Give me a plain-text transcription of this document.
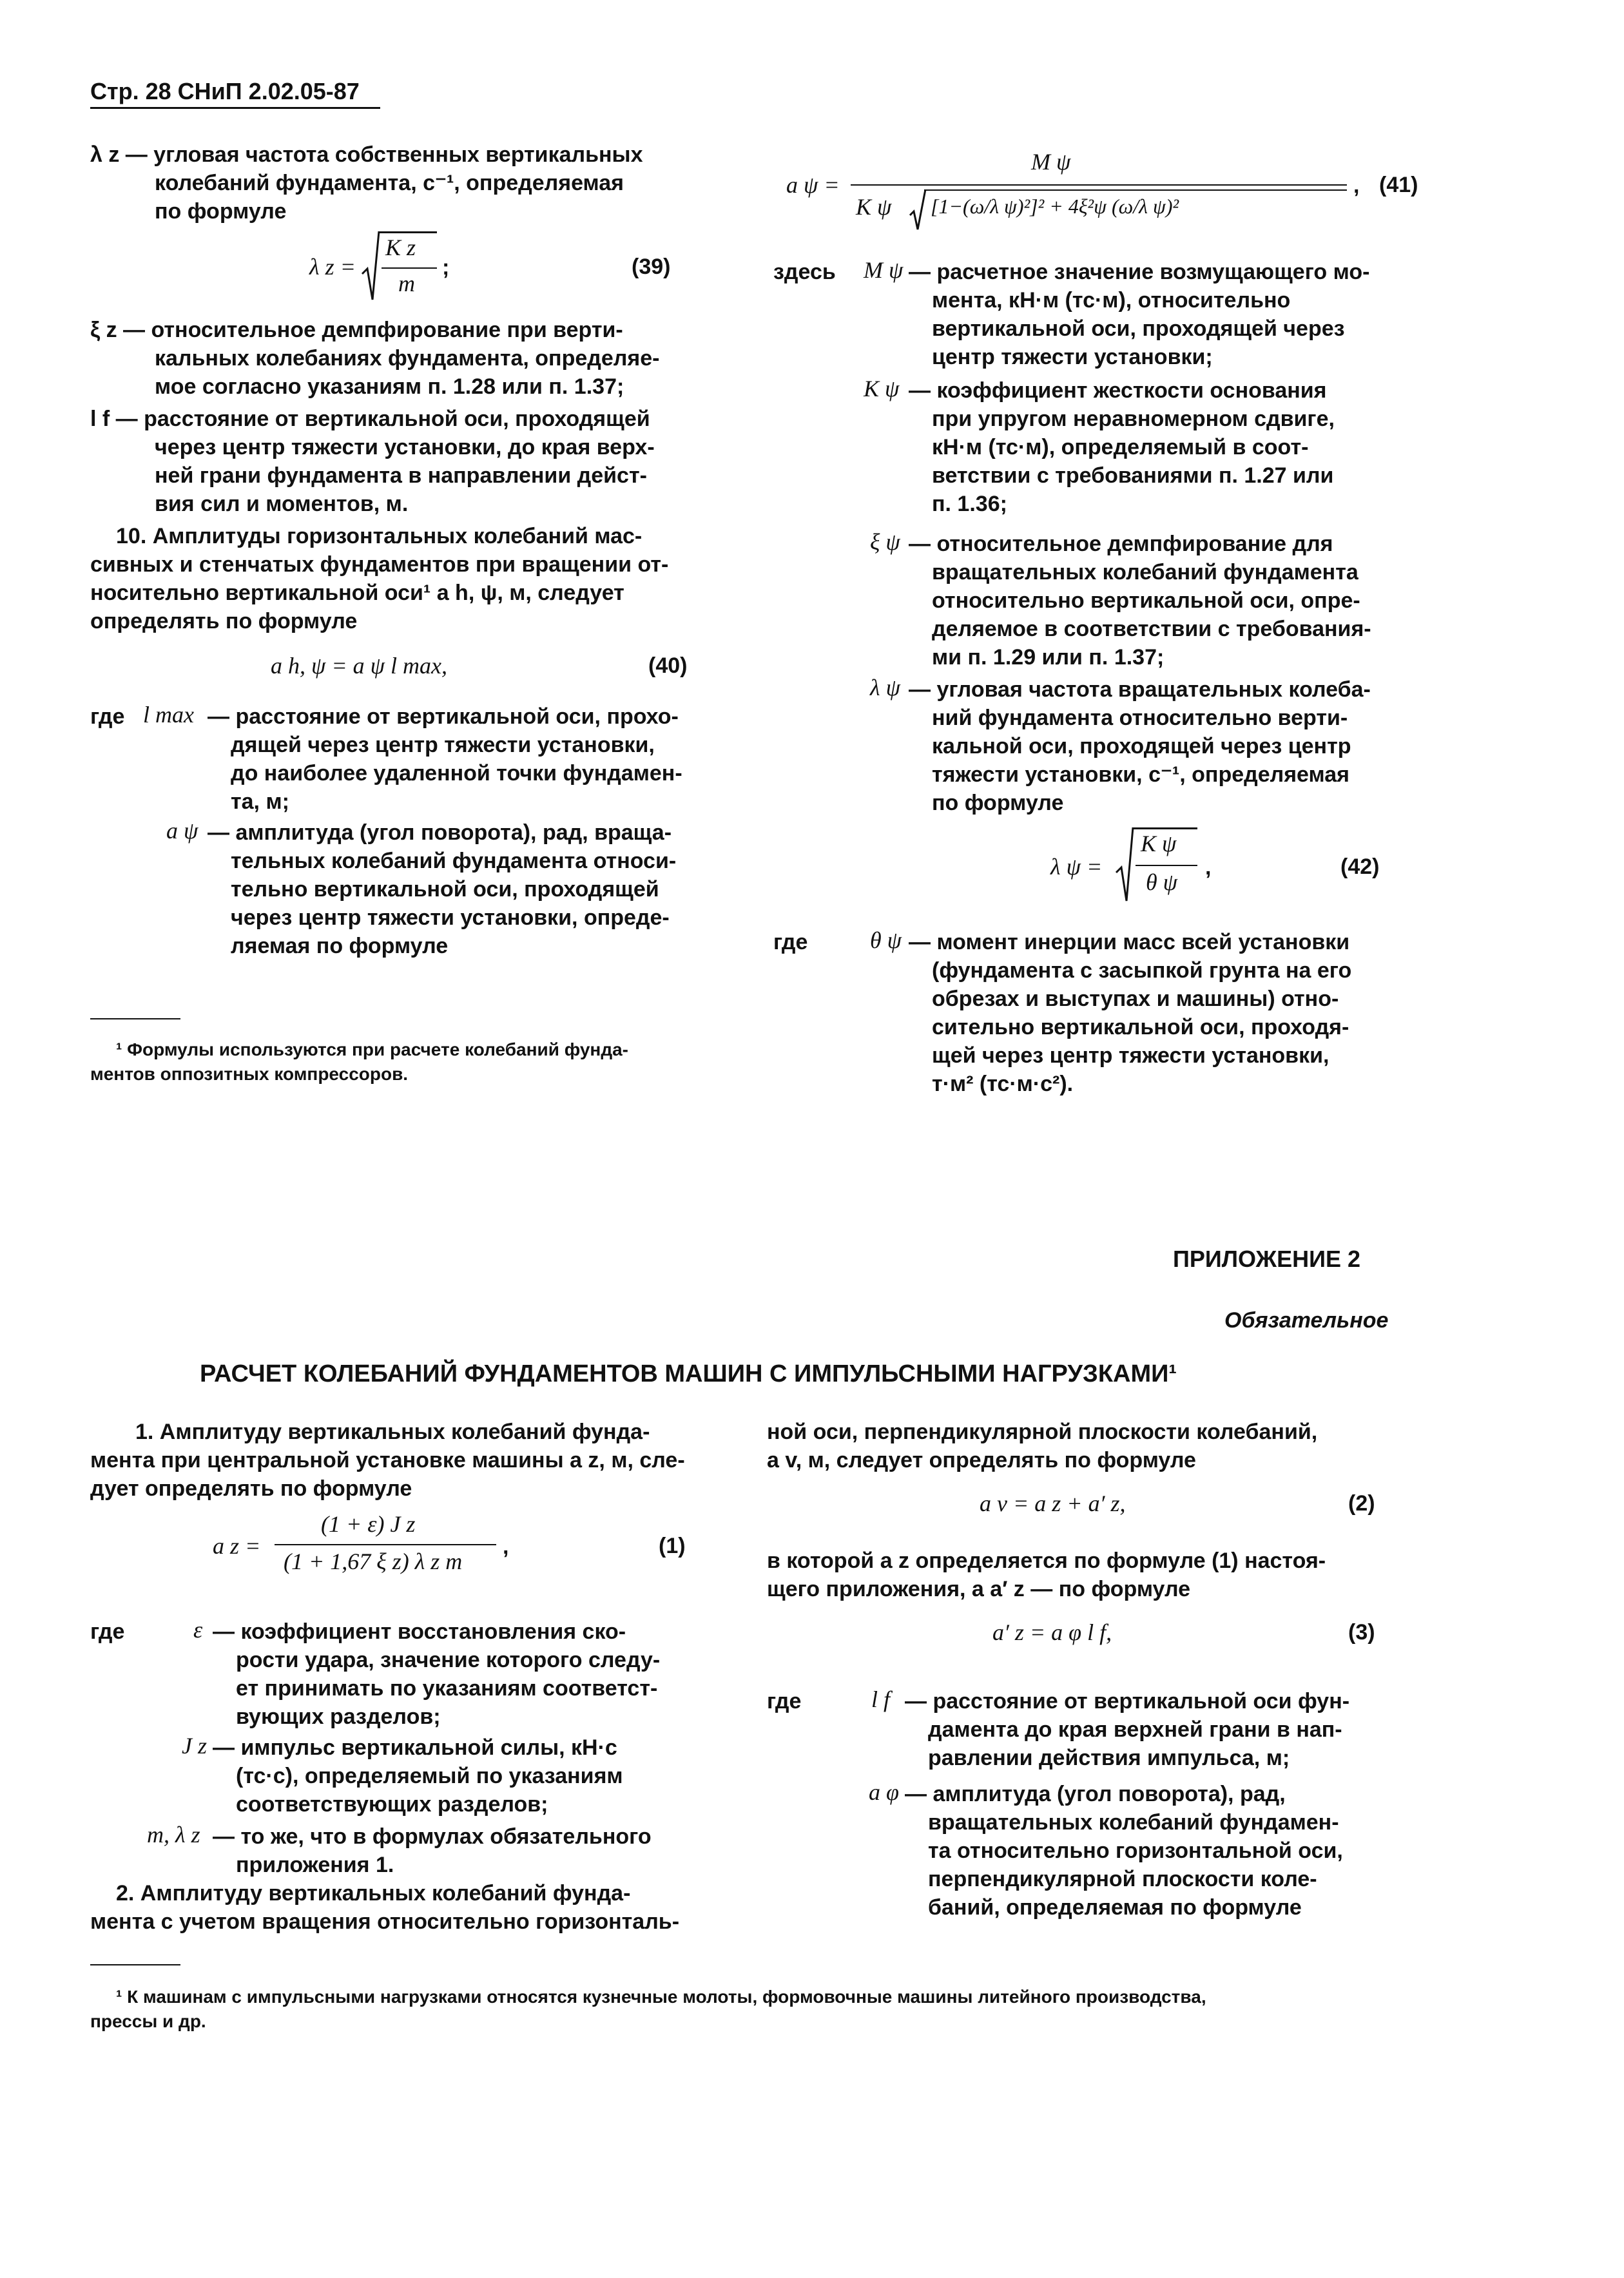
Стр. 28 СНиП 2.02.05-87
λ z — угловая частота собственных вертикальных
колебаний фундамента, с⁻¹, определяемая
по формуле
λ z =
K z
m
;	(39)
ξ z — относительное демпфирование при верти-
кальных колебаниях фундамента, определяе-
мое согласно указаниям п. 1.28 или п. 1.37;
l f — расстояние от вертикальной оси, проходящей
через центр тяжести установки, до края верх-
ней грани фундамента в направлении дейст-
вия сил и моментов, м.
10. Амплитуды горизонтальных колебаний мас-
сивных и стенчатых фундаментов при вращении от-
носительно вертикальной оси¹ a h, ψ, м, следует
определять по формуле
a h, ψ = a ψ l max,	(40)
где l max — расстояние от вертикальной оси, прохо-
дящей через центр тяжести установки,
до наиболее удаленной точки фундамен-
та, м;
a ψ — амплитуда (угол поворота), рад, враща-
тельных колебаний фундамента относи-
тельно вертикальной оси, проходящей
через центр тяжести установки, опреде-
ляемая по формуле
¹ Формулы используются при расчете колебаний фунда-
ментов оппозитных компрессоров.
a ψ =
M ψ
K ψ [1−(ω/λ ψ)²]² + 4ξ²ψ (ω/λ ψ)²
, (41)
здесь M ψ — расчетное значение возмущающего мо-
мента, кН·м (тс·м), относительно
вертикальной оси, проходящей через
центр тяжести установки;
K ψ — коэффициент жесткости основания
при упругом неравномерном сдвиге,
кН·м (тс·м), определяемый в соот-
ветствии с требованиями п. 1.27 или
п. 1.36;
ξ ψ — относительное демпфирование для
вращательных колебаний фундамента
относительно вертикальной оси, опре-
деляемое в соответствии с требования-
ми п. 1.29 или п. 1.37;
λ ψ — угловая частота вращательных колеба-
ний фундамента относительно верти-
кальной оси, проходящей через центр
тяжести установки, с⁻¹, определяемая
по формуле
λ ψ =
K ψ
θ ψ
,	(42)
где	θ ψ — момент инерции масс всей установки
(фундамента с засыпкой грунта на его
обрезах и выступах и машины) отно-
сительно вертикальной оси, проходя-
щей через центр тяжести установки,
т·м² (тс·м·с²).
ПРИЛОЖЕНИЕ 2
Обязательное
РАСЧЕТ КОЛЕБАНИЙ ФУНДАМЕНТОВ МАШИН С ИМПУЛЬСНЫМИ НАГРУЗКАМИ¹
1. Амплитуду вертикальных колебаний фунда-
мента при центральной установке машины a z, м, сле-
дует определять по формуле
a z =
(1 + ε) J z
(1 + 1,67 ξ z) λ z m
,	(1)
где	ε — коэффициент восстановления ско-
рости удара, значение которого следу-
ет принимать по указаниям соответст-
вующих разделов;
J z — импульс вертикальной силы, кН·с
(тс·с), определяемый по указаниям
соответствующих разделов;
m, λ z — то же, что в формулах обязательного
приложения 1.
2. Амплитуду вертикальных колебаний фунда-
мента с учетом вращения относительно горизонталь-
ной оси, перпендикулярной плоскости колебаний,
a v, м, следует определять по формуле
a v = a z + a′ z,	(2)
в которой a z определяется по формуле (1) настоя-
щего приложения, а a′ z — по формуле
a′ z = a φ l f,	(3)
где	l f — расстояние от вертикальной оси фун-
дамента до края верхней грани в нап-
равлении действия импульса, м;
a φ — амплитуда (угол поворота), рад,
вращательных колебаний фундамен-
та относительно горизонтальной оси,
перпендикулярной плоскости коле-
баний, определяемая по формуле
¹ К машинам с импульсными нагрузками относятся кузнечные молоты, формовочные машины литейного производства,
прессы и др.
